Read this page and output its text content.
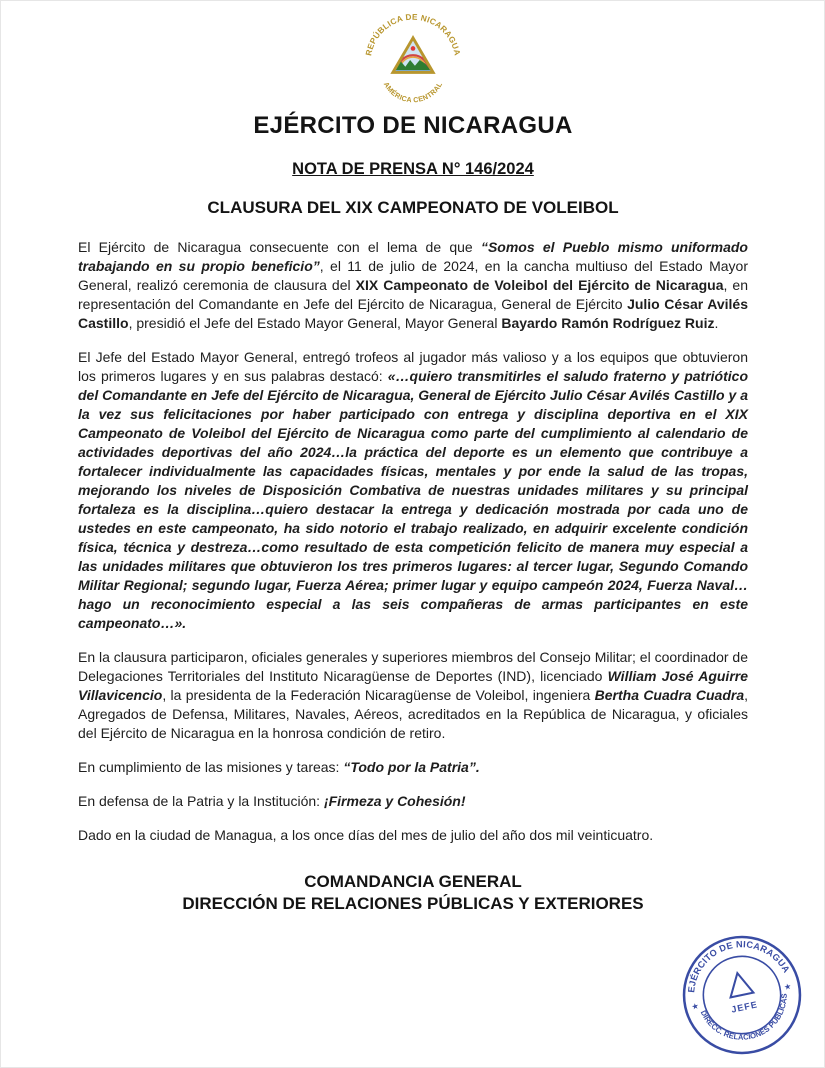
REPÚBLICA DE NICARAGUA
AMÉRICA CENTRAL
EJÉRCITO DE NICARAGUA
NOTA DE PRENSA N° 146/2024
CLAUSURA DEL XIX CAMPEONATO DE VOLEIBOL

El Ejército de Nicaragua consecuente con el lema de que “Somos el Pueblo mismo uniformado trabajando en su propio beneficio”, el 11 de julio de 2024, en la cancha multiuso del Estado Mayor General, realizó ceremonia de clausura del XIX Campeonato de Voleibol del Ejército de Nicaragua, en representación del Comandante en Jefe del Ejército de Nicaragua, General de Ejército Julio César Avilés Castillo, presidió el Jefe del Estado Mayor General, Mayor General Bayardo Ramón Rodríguez Ruiz.

El Jefe del Estado Mayor General, entregó trofeos al jugador más valioso y a los equipos que obtuvieron los primeros lugares y en sus palabras destacó: «…quiero transmitirles el saludo fraterno y patriótico del Comandante en Jefe del Ejército de Nicaragua, General de Ejército Julio César Avilés Castillo y a la vez sus felicitaciones por haber participado con entrega y disciplina deportiva en el XIX Campeonato de Voleibol del Ejército de Nicaragua como parte del cumplimiento al calendario de actividades deportivas del año 2024…la práctica del deporte es un elemento que contribuye a fortalecer individualmente las capacidades físicas, mentales y por ende la salud de las tropas, mejorando los niveles de Disposición Combativa de nuestras unidades militares y su principal fortaleza es la disciplina…quiero destacar la entrega y dedicación mostrada por cada uno de ustedes en este campeonato, ha sido notorio el trabajo realizado, en adquirir excelente condición física, técnica y destreza…como resultado de esta competición felicito de manera muy especial a las unidades militares que obtuvieron los tres primeros lugares: al tercer lugar, Segundo Comando Militar Regional; segundo lugar, Fuerza Aérea; primer lugar y equipo campeón 2024, Fuerza Naval…hago un reconocimiento especial a las seis compañeras de armas participantes en este campeonato…».

En la clausura participaron, oficiales generales y superiores miembros del Consejo Militar; el coordinador de Delegaciones Territoriales del Instituto Nicaragüense de Deportes (IND), licenciado William José Aguirre Villavicencio, la presidenta de la Federación Nicaragüense de Voleibol, ingeniera Bertha Cuadra Cuadra, Agregados de Defensa, Militares, Navales, Aéreos, acreditados en la República de Nicaragua, y oficiales del Ejército de Nicaragua en la honrosa condición de retiro.

En cumplimiento de las misiones y tareas: “Todo por la Patria”.

En defensa de la Patria y la Institución: ¡Firmeza y Cohesión!

Dado en la ciudad de Managua, a los once días del mes de julio del año dos mil veinticuatro.

COMANDANCIA GENERAL
DIRECCIÓN DE RELACIONES PÚBLICAS Y EXTERIORES
EJÉRCITO DE NICARAGUA
DIRECC. RELACIONES PÚBLICAS
★
★
JEFE
